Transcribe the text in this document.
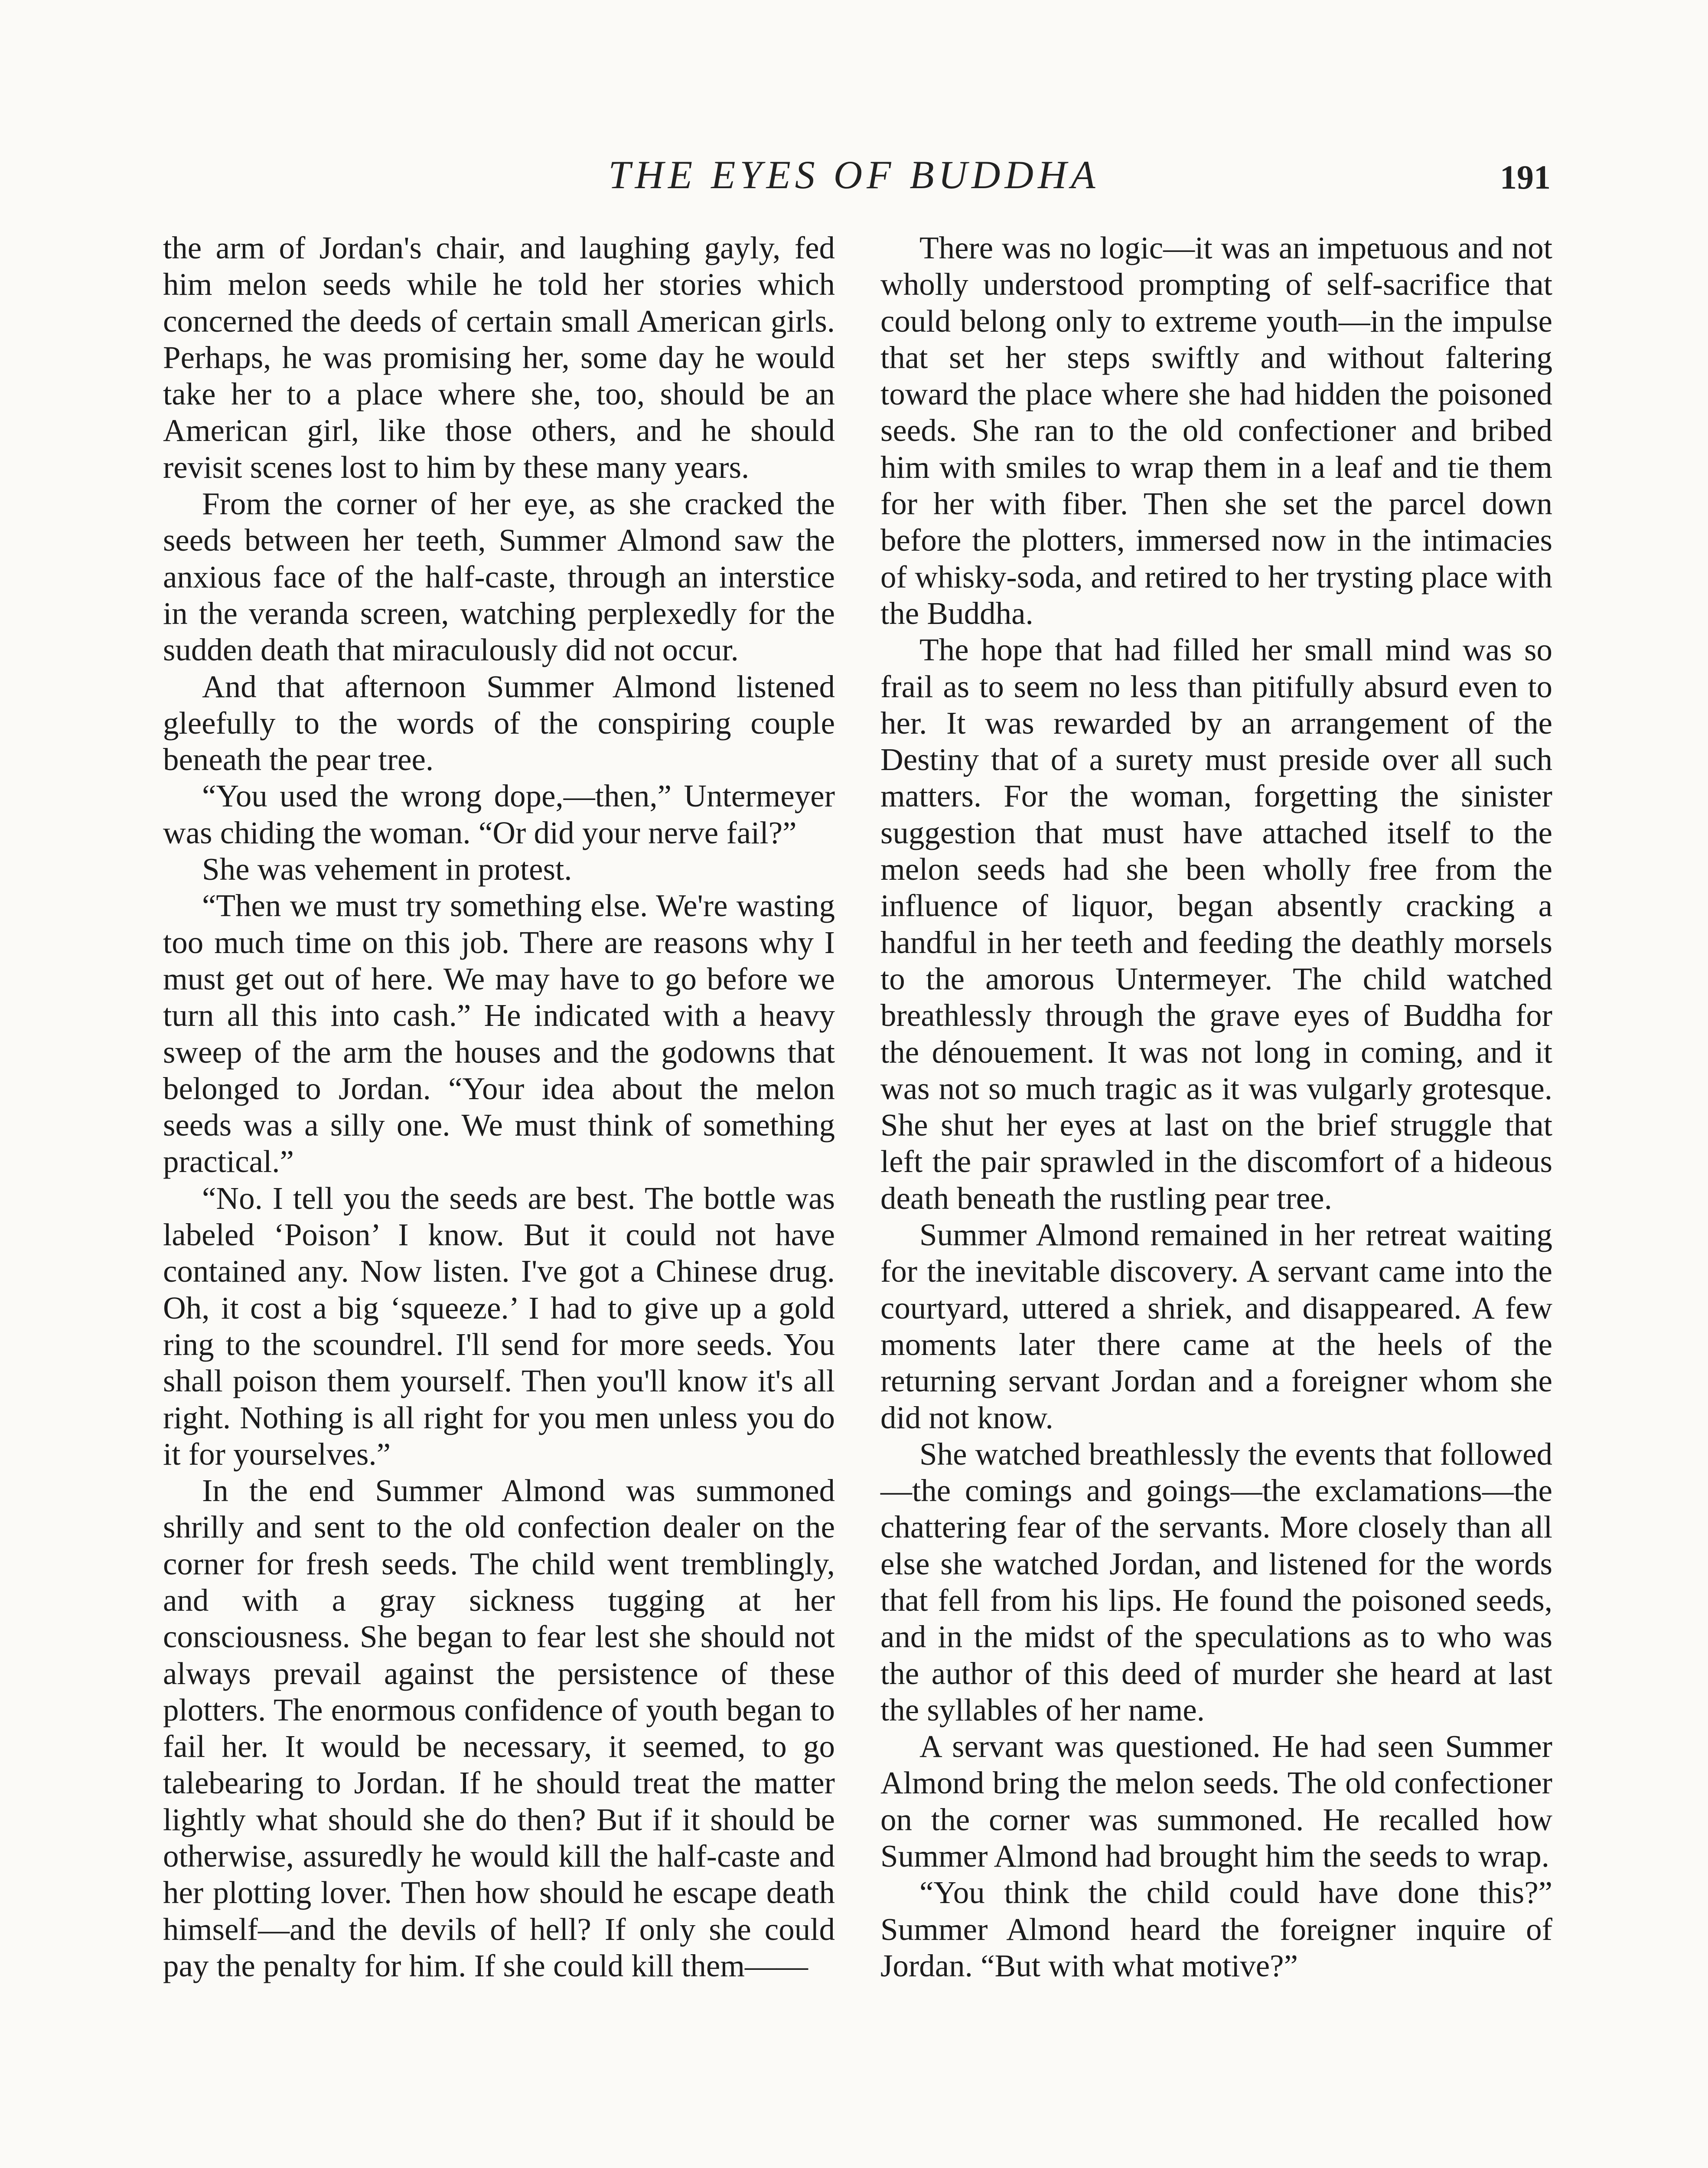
THE EYES OF BUDDHA	191

the arm of Jordan's chair, and laughing gayly, fed him melon seeds while he told her stories which concerned the deeds of certain small American girls. Perhaps, he was promising her, some day he would take her to a place where she, too, should be an American girl, like those others, and he should revisit scenes lost to him by these many years.

From the corner of her eye, as she cracked the seeds between her teeth, Summer Almond saw the anxious face of the half-caste, through an interstice in the veranda screen, watching perplexedly for the sudden death that miraculously did not occur.

And that afternoon Summer Almond listened gleefully to the words of the conspiring couple beneath the pear tree.

“You used the wrong dope,—then,” Untermeyer was chiding the woman. “Or did your nerve fail?”

She was vehement in protest.

“Then we must try something else. We're wasting too much time on this job. There are reasons why I must get out of here. We may have to go before we turn all this into cash.” He indicated with a heavy sweep of the arm the houses and the godowns that belonged to Jordan. “Your idea about the melon seeds was a silly one. We must think of something practical.”

“No. I tell you the seeds are best. The bottle was labeled ‘Poison’ I know. But it could not have contained any. Now listen. I've got a Chinese drug. Oh, it cost a big ‘squeeze.’ I had to give up a gold ring to the scoundrel. I'll send for more seeds. You shall poison them yourself. Then you'll know it's all right. Nothing is all right for you men unless you do it for yourselves.”

In the end Summer Almond was summoned shrilly and sent to the old confection dealer on the corner for fresh seeds. The child went tremblingly, and with a gray sickness tugging at her consciousness. She began to fear lest she should not always prevail against the persistence of these plotters. The enormous confidence of youth began to fail her. It would be necessary, it seemed, to go talebearing to Jordan. If he should treat the matter lightly what should she do then? But if it should be otherwise, assuredly he would kill the half-caste and her plotting lover. Then how should he escape death himself—and the devils of hell? If only she could pay the penalty for him. If she could kill them——

There was no logic—it was an impetuous and not wholly understood prompting of self-sacrifice that could belong only to extreme youth—in the impulse that set her steps swiftly and without faltering toward the place where she had hidden the poisoned seeds. She ran to the old confectioner and bribed him with smiles to wrap them in a leaf and tie them for her with fiber. Then she set the parcel down before the plotters, immersed now in the intimacies of whisky-soda, and retired to her trysting place with the Buddha.

The hope that had filled her small mind was so frail as to seem no less than pitifully absurd even to her. It was rewarded by an arrangement of the Destiny that of a surety must preside over all such matters. For the woman, forgetting the sinister suggestion that must have attached itself to the melon seeds had she been wholly free from the influence of liquor, began absently cracking a handful in her teeth and feeding the deathly morsels to the amorous Untermeyer. The child watched breathlessly through the grave eyes of Buddha for the dénouement. It was not long in coming, and it was not so much tragic as it was vulgarly grotesque. She shut her eyes at last on the brief struggle that left the pair sprawled in the discomfort of a hideous death beneath the rustling pear tree.

Summer Almond remained in her retreat waiting for the inevitable discovery. A servant came into the courtyard, uttered a shriek, and disappeared. A few moments later there came at the heels of the returning servant Jordan and a foreigner whom she did not know.

She watched breathlessly the events that followed—the comings and goings—the exclamations—the chattering fear of the servants. More closely than all else she watched Jordan, and listened for the words that fell from his lips. He found the poisoned seeds, and in the midst of the speculations as to who was the author of this deed of murder she heard at last the syllables of her name.

A servant was questioned. He had seen Summer Almond bring the melon seeds. The old confectioner on the corner was summoned. He recalled how Summer Almond had brought him the seeds to wrap.

“You think the child could have done this?” Summer Almond heard the foreigner inquire of Jordan. “But with what motive?”
